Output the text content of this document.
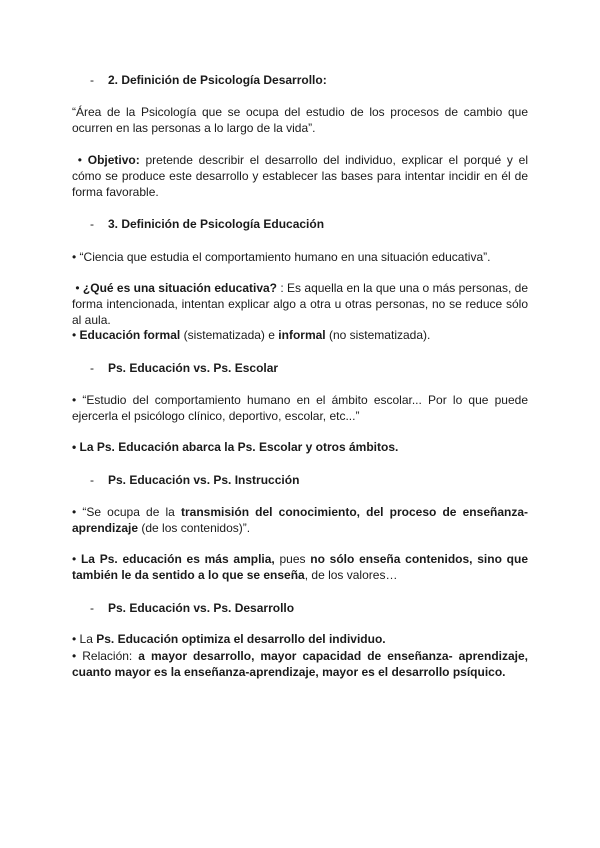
- 2. Definición de Psicología Desarrollo:

“Área de la Psicología que se ocupa del estudio de los procesos de cambio que ocurren en las personas a lo largo de la vida”.

• Objetivo: pretende describir el desarrollo del individuo, explicar el porqué y el cómo se produce este desarrollo y establecer las bases para intentar incidir en él de forma favorable.

- 3. Definición de Psicología Educación

• “Ciencia que estudia el comportamiento humano en una situación educativa”.

• ¿Qué es una situación educativa? : Es aquella en la que una o más personas, de forma intencionada, intentan explicar algo a otra u otras personas, no se reduce sólo al aula.

• Educación formal (sistematizada) e informal (no sistematizada).

- Ps. Educación vs. Ps. Escolar

• “Estudio del comportamiento humano en el ámbito escolar... Por lo que puede ejercerla el psicólogo clínico, deportivo, escolar, etc...”

• La Ps. Educación abarca la Ps. Escolar y otros ámbitos.

- Ps. Educación vs. Ps. Instrucción

• “Se ocupa de la transmisión del conocimiento, del proceso de enseñanza-aprendizaje (de los contenidos)”.

• La Ps. educación es más amplia, pues no sólo enseña contenidos, sino que también le da sentido a lo que se enseña, de los valores…

- Ps. Educación vs. Ps. Desarrollo

• La Ps. Educación optimiza el desarrollo del individuo.

• Relación: a mayor desarrollo, mayor capacidad de enseñanza- aprendizaje, cuanto mayor es la enseñanza-aprendizaje, mayor es el desarrollo psíquico.
